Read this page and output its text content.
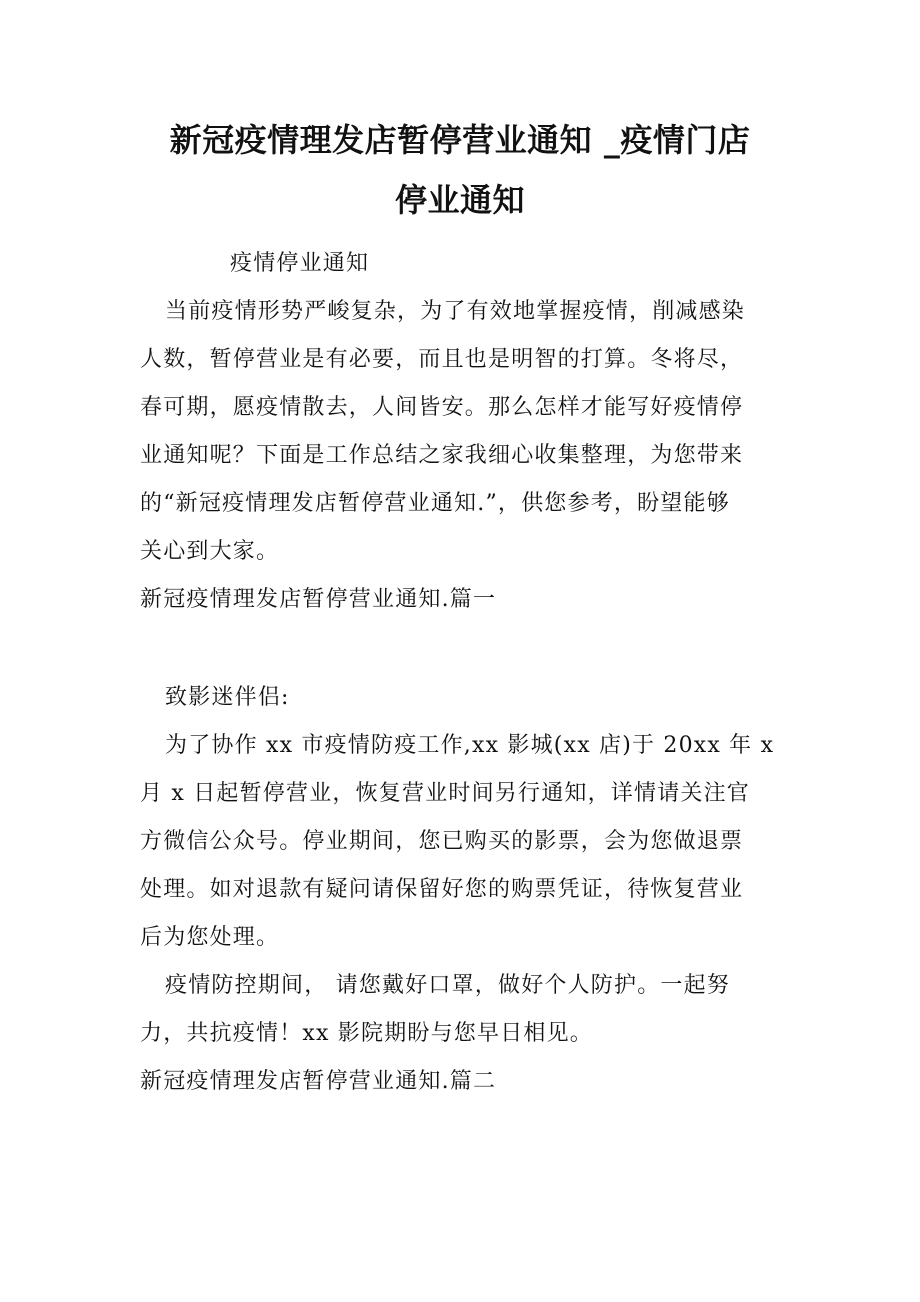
新冠疫情理发店暂停营业通知 _疫情门店
停业通知

疫情停业通知

当前疫情形势严峻复杂，为了有效地掌握疫情，削减感染

人数，暂停营业是有必要，而且也是明智的打算。冬将尽，

春可期，愿疫情散去，人间皆安。那么怎样才能写好疫情停

业通知呢？下面是工作总结之家我细心收集整理，为您带来

的“新冠疫情理发店暂停营业通知.”，供您参考，盼望能够

关心到大家。

新冠疫情理发店暂停营业通知.篇一

致影迷伴侣:

为了协作 xx 市疫情防疫工作,xx 影城(xx 店)于 20xx 年 x

月 x 日起暂停营业，恢复营业时间另行通知，详情请关注官

方微信公众号。停业期间，您已购买的影票，会为您做退票

处理。如对退款有疑问请保留好您的购票凭证，待恢复营业

后为您处理。

疫情防控期间， 请您戴好口罩，做好个人防护。一起努

力，共抗疫情！xx 影院期盼与您早日相见。

新冠疫情理发店暂停营业通知.篇二
